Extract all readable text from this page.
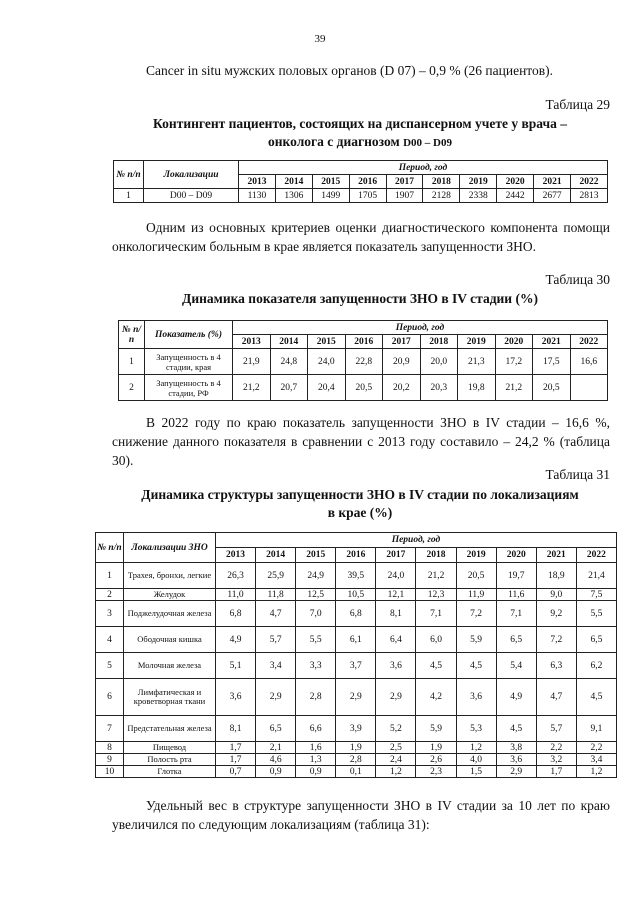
39

Cancer in situ мужских половых органов (D 07) – 0,9 % (26 пациентов).

Таблица 29

Контингент пациентов, состоящих на диспансерном учете у врача –
онколога с диагнозом D00 – D09

№ п/п	Локализации	Период, год									
		2013	2014	2015	2016	2017	2018	2019	2020	2021	2022
1	D00 – D09	1130	1306	1499	1705	1907	2128	2338	2442	2677	2813

Одним из основных критериев оценки диагностического компонента помощи онкологическим больным в крае является показатель запущенности ЗНО.

Таблица 30

Динамика показателя запущенности ЗНО в IV стадии (%)

№ п/п	Показатель (%)	Период, год									
		2013	2014	2015	2016	2017	2018	2019	2020	2021	2022
1	Запущенность в 4 стадии, края	21,9	24,8	24,0	22,8	20,9	20,0	21,3	17,2	17,5	16,6
2	Запущенность в 4 стадии, РФ	21,2	20,7	20,4	20,5	20,2	20,3	19,8	21,2	20,5	

В 2022 году по краю показатель запущенности ЗНО в IV стадии – 16,6 %, снижение данного показателя в сравнении с 2013 году составило – 24,2 % (таблица 30).

Таблица 31

Динамика структуры запущенности ЗНО в IV стадии по локализациям
в крае (%)

№ п/п	Локализации ЗНО	Период, год									
		2013	2014	2015	2016	2017	2018	2019	2020	2021	2022
1	Трахея, бронхи, легкие	26,3	25,9	24,9	39,5	24,0	21,2	20,5	19,7	18,9	21,4
2	Желудок	11,0	11,8	12,5	10,5	12,1	12,3	11,9	11,6	9,0	7,5
3	Поджелудочная железа	6,8	4,7	7,0	6,8	8,1	7,1	7,2	7,1	9,2	5,5
4	Ободочная кишка	4,9	5,7	5,5	6,1	6,4	6,0	5,9	6,5	7,2	6,5
5	Молочная железа	5,1	3,4	3,3	3,7	3,6	4,5	4,5	5,4	6,3	6,2
6	Лимфатическая и кроветворная ткани	3,6	2,9	2,8	2,9	2,9	4,2	3,6	4,9	4,7	4,5
7	Предстательная железа	8,1	6,5	6,6	3,9	5,2	5,9	5,3	4,5	5,7	9,1
8	Пищевод	1,7	2,1	1,6	1,9	2,5	1,9	1,2	3,8	2,2	2,2
9	Полость рта	1,7	4,6	1,3	2,8	2,4	2,6	4,0	3,6	3,2	3,4
10	Глотка	0,7	0,9	0,9	0,1	1,2	2,3	1,5	2,9	1,7	1,2

Удельный вес в структуре запущенности ЗНО в IV стадии за 10 лет по краю увеличился по следующим локализациям (таблица 31):
